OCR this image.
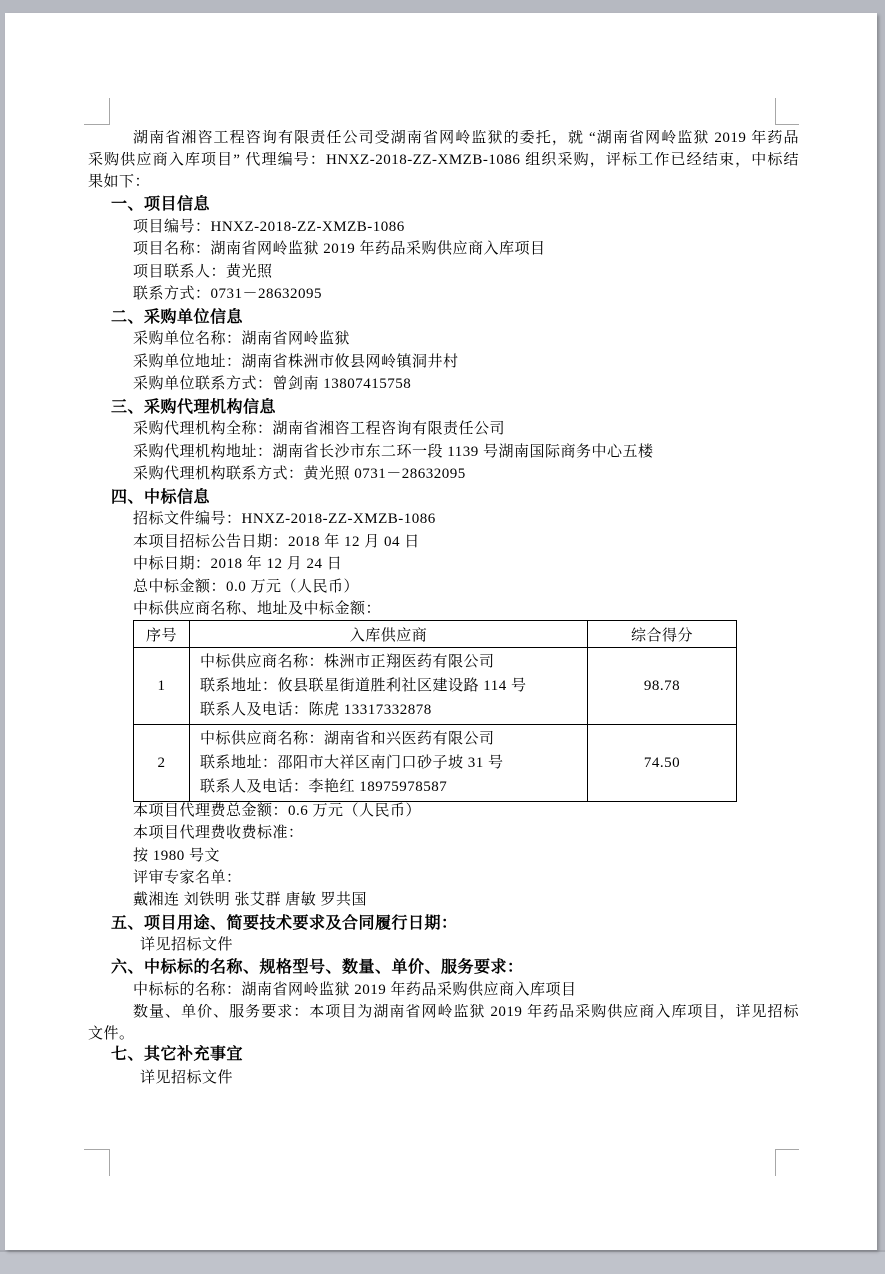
湖南省湘咨工程咨询有限责任公司受湖南省网岭监狱的委托，就 “湖南省网岭监狱 2019 年药品
采购供应商入库项目” 代理编号：HNXZ-2018-ZZ-XMZB-1086 组织采购，评标工作已经结束，中标结
果如下：
一、项目信息
项目编号：HNXZ-2018-ZZ-XMZB-1086
项目名称：湖南省网岭监狱 2019 年药品采购供应商入库项目
项目联系人：黄光照
联系方式：0731－28632095
二、采购单位信息
采购单位名称：湖南省网岭监狱
采购单位地址：湖南省株洲市攸县网岭镇洞井村
采购单位联系方式：曾剑南 13807415758
三、采购代理机构信息
采购代理机构全称：湖南省湘咨工程咨询有限责任公司
采购代理机构地址：湖南省长沙市东二环一段 1139 号湖南国际商务中心五楼
采购代理机构联系方式：黄光照 0731－28632095
四、中标信息
招标文件编号：HNXZ-2018-ZZ-XMZB-1086
本项目招标公告日期：2018 年 12 月 04 日
中标日期：2018 年 12 月 24 日
总中标金额：0.0 万元（人民币）
中标供应商名称、地址及中标金额：
序号	入库供应商	综合得分
1	中标供应商名称：株洲市正翔医药有限公司
联系地址：攸县联星街道胜利社区建设路 114 号
联系人及电话：陈虎 13317332878	98.78
2	中标供应商名称：湖南省和兴医药有限公司
联系地址：邵阳市大祥区南门口砂子坡 31 号
联系人及电话：李艳红 18975978587	74.50
本项目代理费总金额：0.6 万元（人民币）
本项目代理费收费标准：
按 1980 号文
评审专家名单：
戴湘连 刘铁明 张艾群 唐敏 罗共国
五、项目用途、简要技术要求及合同履行日期：
详见招标文件
六、中标标的名称、规格型号、数量、单价、服务要求：
中标标的名称：湖南省网岭监狱 2019 年药品采购供应商入库项目
数量、单价、服务要求：本项目为湖南省网岭监狱 2019 年药品采购供应商入库项目，详见招标
文件。
七、其它补充事宜
详见招标文件
